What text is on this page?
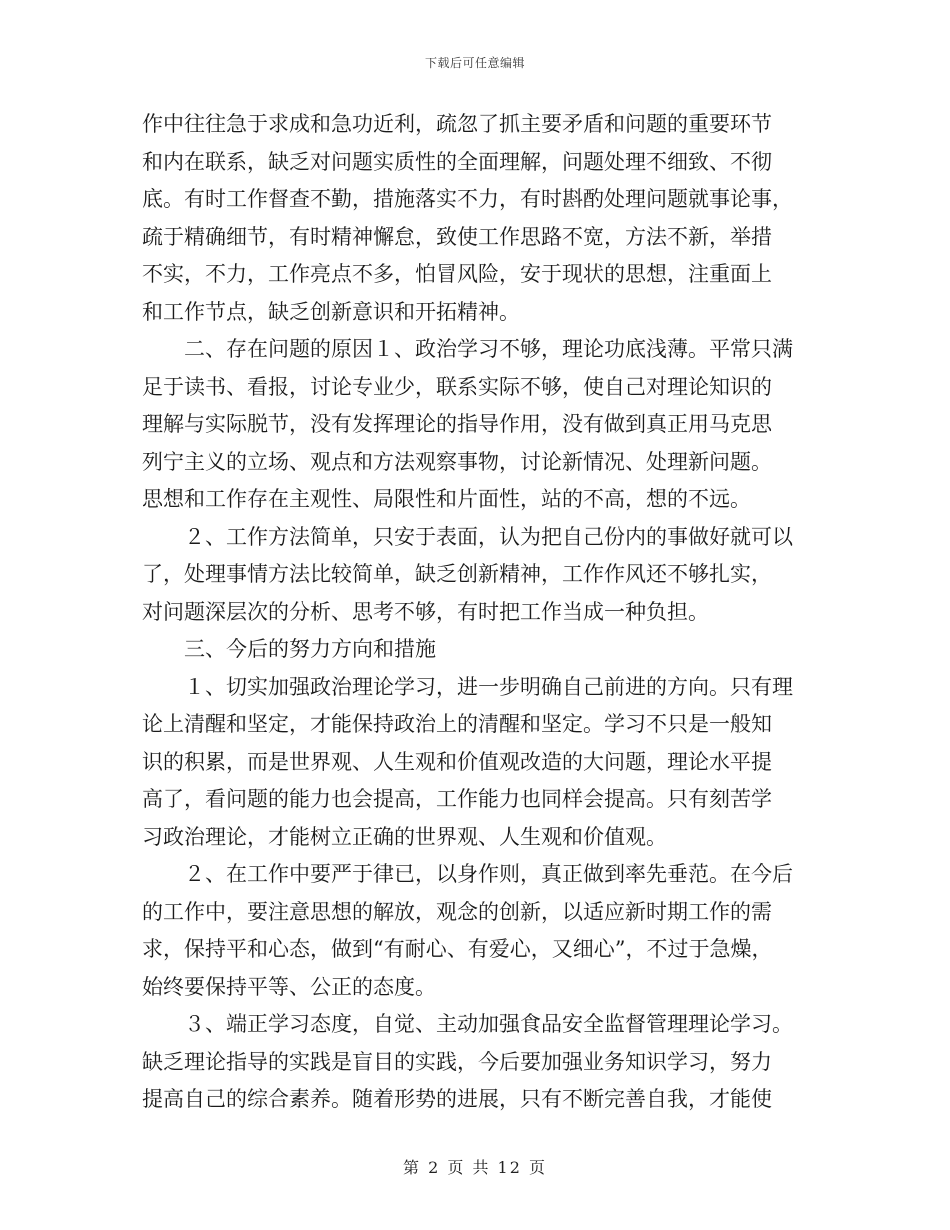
下载后可任意编辑
作中往往急于求成和急功近利，疏忽了抓主要矛盾和问题的重要环节
和内在联系，缺乏对问题实质性的全面理解，问题处理不细致、不彻
底。有时工作督查不勤，措施落实不力，有时斟酌处理问题就事论事，
疏于精确细节，有时精神懈怠，致使工作思路不宽，方法不新，举措
不实，不力，工作亮点不多，怕冒风险，安于现状的思想，注重面上
和工作节点，缺乏创新意识和开拓精神。
　　二、存在问题的原因１、政治学习不够，理论功底浅薄。平常只满
足于读书、看报，讨论专业少，联系实际不够，使自己对理论知识的
理解与实际脱节，没有发挥理论的指导作用，没有做到真正用马克思
列宁主义的立场、观点和方法观察事物，讨论新情况、处理新问题。
思想和工作存在主观性、局限性和片面性，站的不高，想的不远。
　　２、工作方法简单，只安于表面，认为把自己份内的事做好就可以
了，处理事情方法比较简单，缺乏创新精神，工作作风还不够扎实，
对问题深层次的分析、思考不够，有时把工作当成一种负担。
　　三、今后的努力方向和措施
　　１、切实加强政治理论学习，进一步明确自己前进的方向。只有理
论上清醒和坚定，才能保持政治上的清醒和坚定。学习不只是一般知
识的积累，而是世界观、人生观和价值观改造的大问题，理论水平提
高了，看问题的能力也会提高，工作能力也同样会提高。只有刻苦学
习政治理论，才能树立正确的世界观、人生观和价值观。
　　２、在工作中要严于律已，以身作则，真正做到率先垂范。在今后
的工作中，要注意思想的解放，观念的创新，以适应新时期工作的需
求，保持平和心态，做到“有耐心、有爱心，又细心”，不过于急燥，
始终要保持平等、公正的态度。
　　３、端正学习态度，自觉、主动加强食品安全监督管理理论学习。
缺乏理论指导的实践是盲目的实践，今后要加强业务知识学习，努力
提高自己的综合素养。随着形势的进展，只有不断完善自我，才能使
第 2 页 共 12 页
